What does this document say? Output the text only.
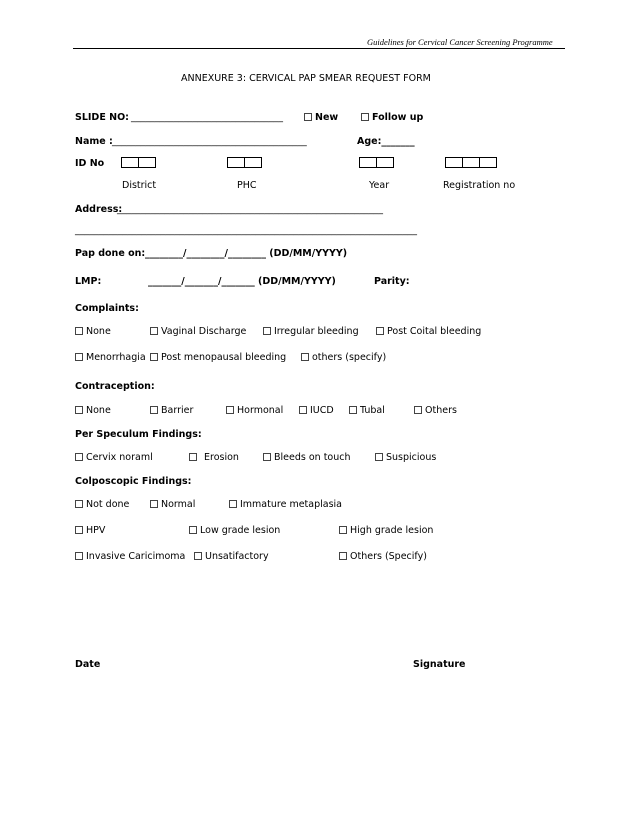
Guidelines for Cervical Cancer Screening Programme
ANNEXURE 3: CERVICAL PAP SMEAR REQUEST FORM
SLIDE NO: ________________________________	New	Follow up
Name : _________________________________________	Age:_______
ID No
District	PHC	Year	Registration no
Address:
________________________________________________________
________________________________________________________________________
Pap done on: ________/________/________ (DD/MM/YYYY)
LMP:	_______/_______/_______ (DD/MM/YYYY)	Parity:
Complaints:
None	Vaginal Discharge	Irregular bleeding	Post Coital bleeding
Menorrhagia	Post menopausal bleeding	others (specify)
Contraception:
None	Barrier	Hormonal	IUCD	Tubal	Others
Per Speculum Findings:
Cervix noraml	Erosion	Bleeds on touch	Suspicious
Colposcopic Findings:
Not done	Normal	Immature metaplasia
HPV	Low grade lesion	High grade lesion
Invasive Caricimoma	Unsatifactory	Others (Specify)
Date	Signature
